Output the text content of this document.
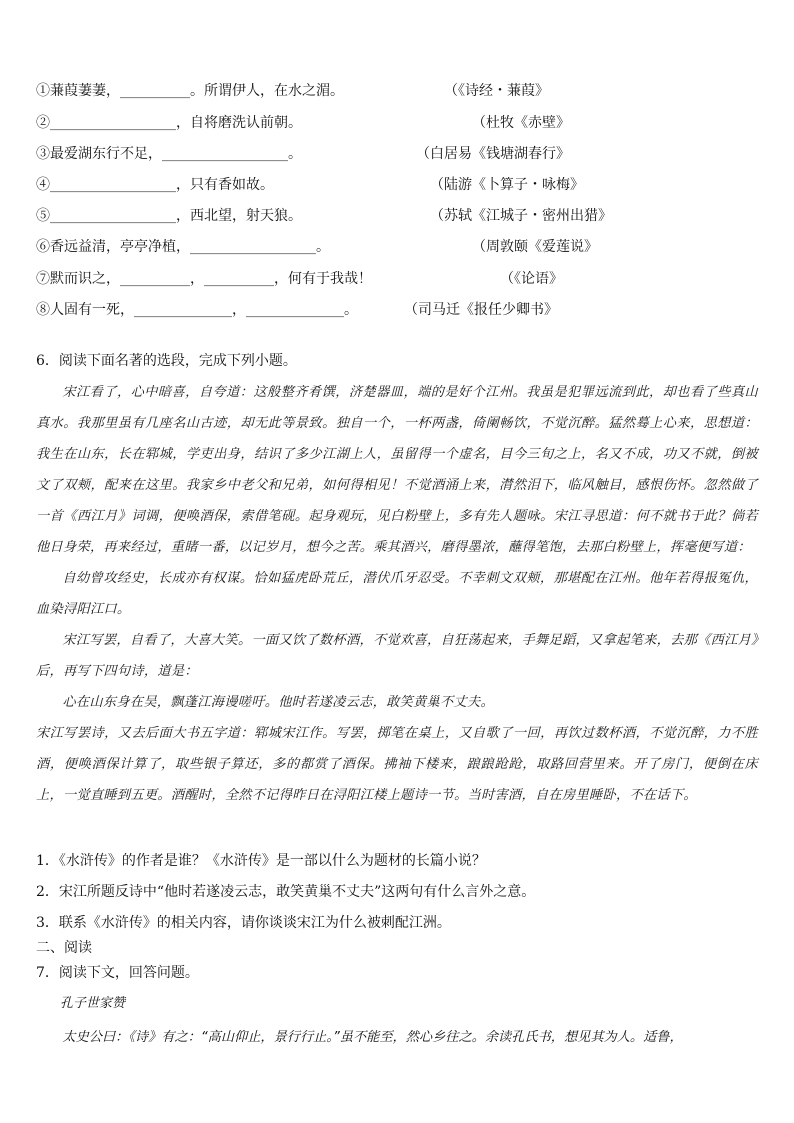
①蒹葭萋萋，__________。所谓伊人，在水之湄。	（《诗经・蒹葭》
②__________________，自将磨洗认前朝。	（杜牧《赤壁》
③最爱湖东行不足，__________________。	（白居易《钱塘湖春行》
④__________________，只有香如故。	（陆游《卜算子・咏梅》
⑤__________________，西北望，射天狼。	（苏轼《江城子・密州出猎》
⑥香远益清，亭亭净植，__________________。	（周敦颐《爱莲说》
⑦默而识之，__________，__________，何有于我哉！	（《论语》
⑧人固有一死，______________，______________。	（司马迁《报任少卿书》
6．阅读下面名著的选段，完成下列小题。

宋江看了，心中暗喜，自夸道：这般整齐肴馔，济楚器皿，端的是好个江州。我虽是犯罪远流到此，却也看了些真山真水。我那里虽有几座名山古迹，却无此等景致。独自一个，一杯两盏，倚阑畅饮，不觉沉醉。猛然蓦上心来，思想道：我生在山东，长在郓城，学吏出身，结识了多少江湖上人，虽留得一个虚名，目今三旬之上，名又不成，功又不就，倒被文了双颊，配来在这里。我家乡中老父和兄弟，如何得相见！不觉酒涌上来，潸然泪下，临风触目，感恨伤怀。忽然做了一首《西江月》词调，便唤酒保，索借笔砚。起身观玩，见白粉壁上，多有先人题咏。宋江寻思道：何不就书于此？倘若他日身荣，再来经过，重睹一番，以记岁月，想今之苦。乘其酒兴，磨得墨浓，蘸得笔饱，去那白粉壁上，挥毫便写道：

自幼曾攻经史，长成亦有权谋。恰如猛虎卧荒丘，潜伏爪牙忍受。不幸刺文双颊，那堪配在江州。他年若得报冤仇，血染浔阳江口。

宋江写罢，自看了，大喜大笑。一面又饮了数杯酒，不觉欢喜，自狂荡起来，手舞足蹈，又拿起笔来，去那《西江月》后，再写下四句诗，道是：

心在山东身在吴，飘蓬江海谩嗟吁。他时若遂凌云志，敢笑黄巢不丈夫。

宋江写罢诗，又去后面大书五字道：郓城宋江作。写罢，掷笔在桌上，又自歌了一回，再饮过数杯酒，不觉沉醉，力不胜酒，便唤酒保计算了，取些银子算还，多的都赏了酒保。拂袖下楼来，踉踉跄跄，取路回营里来。开了房门，便倒在床上，一觉直睡到五更。酒醒时，全然不记得昨日在浔阳江楼上题诗一节。当时害酒，自在房里睡卧，不在话下。

1．《水浒传》的作者是谁？《水浒传》是一部以什么为题材的长篇小说？
2．宋江所题反诗中“他时若遂凌云志，敢笑黄巢不丈夫”这两句有什么言外之意。
3．联系《水浒传》的相关内容，请你谈谈宋江为什么被刺配江洲。
二、阅读
7．阅读下文，回答问题。
孔子世家赞
太史公曰：《诗》有之：“高山仰止，景行行止。”虽不能至，然心乡往之。余读孔氏书，想见其为人。适鲁，
